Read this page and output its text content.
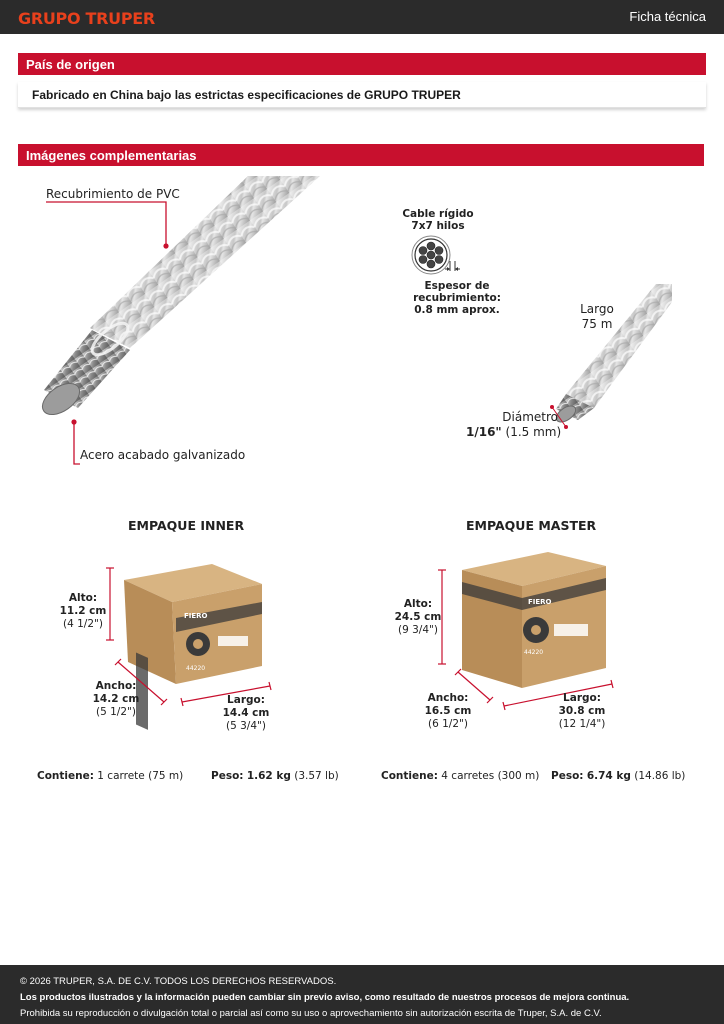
GRUPO TRUPER	Ficha técnica
País de origen
Fabricado en China bajo las estrictas especificaciones de GRUPO TRUPER
Imágenes complementarias
Recubrimiento de PVC
Acero acabado galvanizado
Cable rígido
7x7 hilos
Espesor de recubrimiento:
0.8 mm aprox.	Largo
75 m
Diámetro
1/16" (1.5 mm)
EMPAQUE INNER	EMPAQUE MASTER
FIERO
44220
FIERO
44220
Alto:
11.2 cm
(4 1/2")
Ancho:
14.2 cm
(5 1/2")
Largo:
14.4 cm
(5 3/4")
Alto:
24.5 cm
(9 3/4")
Ancho:
16.5 cm
(6 1/2")
Largo:
30.8 cm
(12 1/4")
Contiene: 1 carrete (75 m)	Peso: 1.62 kg (3.57 lb)	Contiene: 4 carretes (300 m) Peso: 6.74 kg (14.86 lb)
© 2026 TRUPER, S.A. DE C.V. TODOS LOS DERECHOS RESERVADOS.
Los productos ilustrados y la información pueden cambiar sin previo aviso, como resultado de nuestros procesos de mejora continua.
Prohibida su reproducción o divulgación total o parcial así como su uso o aprovechamiento sin autorización escrita de Truper, S.A. de C.V.
